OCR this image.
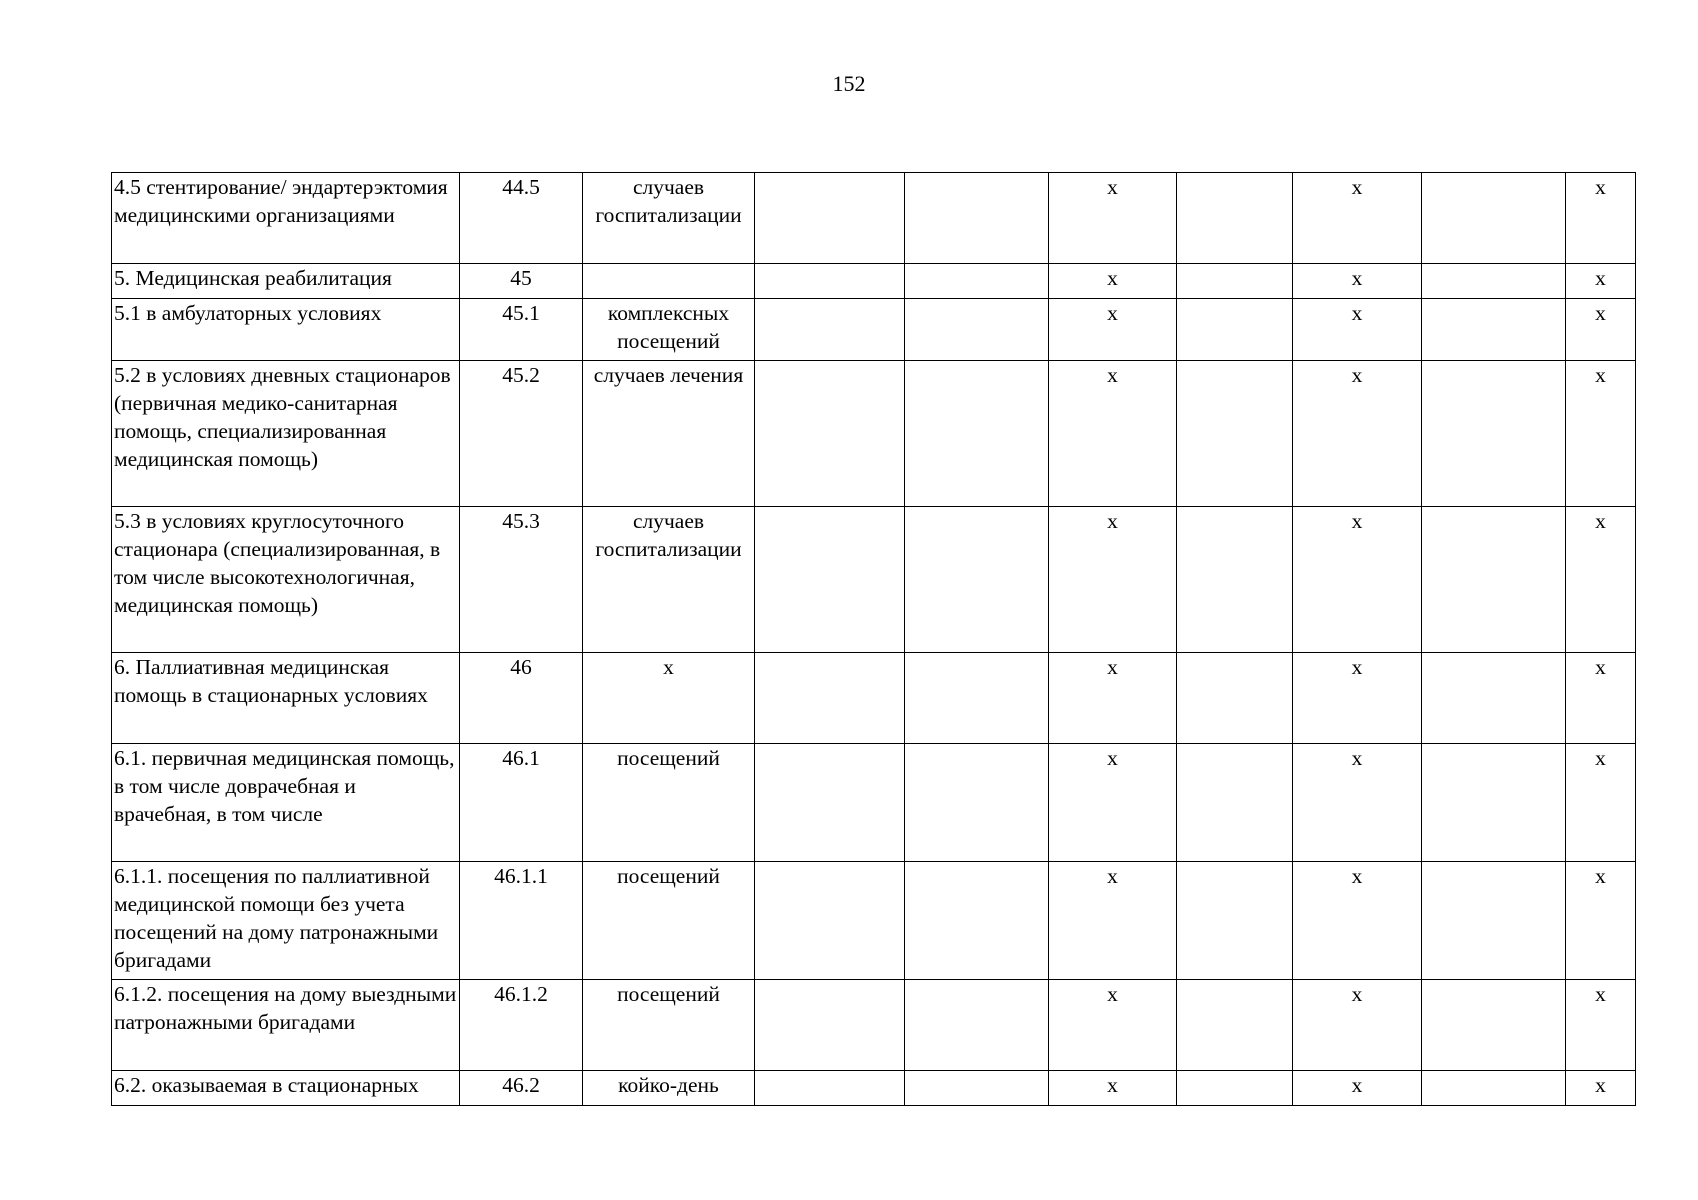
152
4.5 стентирование/ эндартерэктомия медицинскими организациями	44.5	случаев госпитализации			х		х		х
5. Медицинская реабилитация	45				х		х		х
5.1 в амбулаторных условиях	45.1	комплексных посещений			х		х		х
5.2 в условиях дневных стационаров (первичная медико-санитарная помощь, специализированная медицинская помощь)	45.2	случаев лечения			х		х		х
5.3 в условиях круглосуточного стационара (специализированная, в том числе высокотехнологичная, медицинская помощь)	45.3	случаев госпитализации			х		х		х
6. Паллиативная медицинская помощь в стационарных условиях	46	х			х		х		х
6.1. первичная медицинская помощь, в том числе доврачебная и врачебная, в том числе	46.1	посещений			х		х		х
6.1.1. посещения по паллиативной медицинской помощи без учета посещений на дому патронажными бригадами	46.1.1	посещений			х		х		х
6.1.2. посещения на дому выездными патронажными бригадами	46.1.2	посещений			х		х		х
6.2. оказываемая в стационарных	46.2	койко-день			х		х		х
